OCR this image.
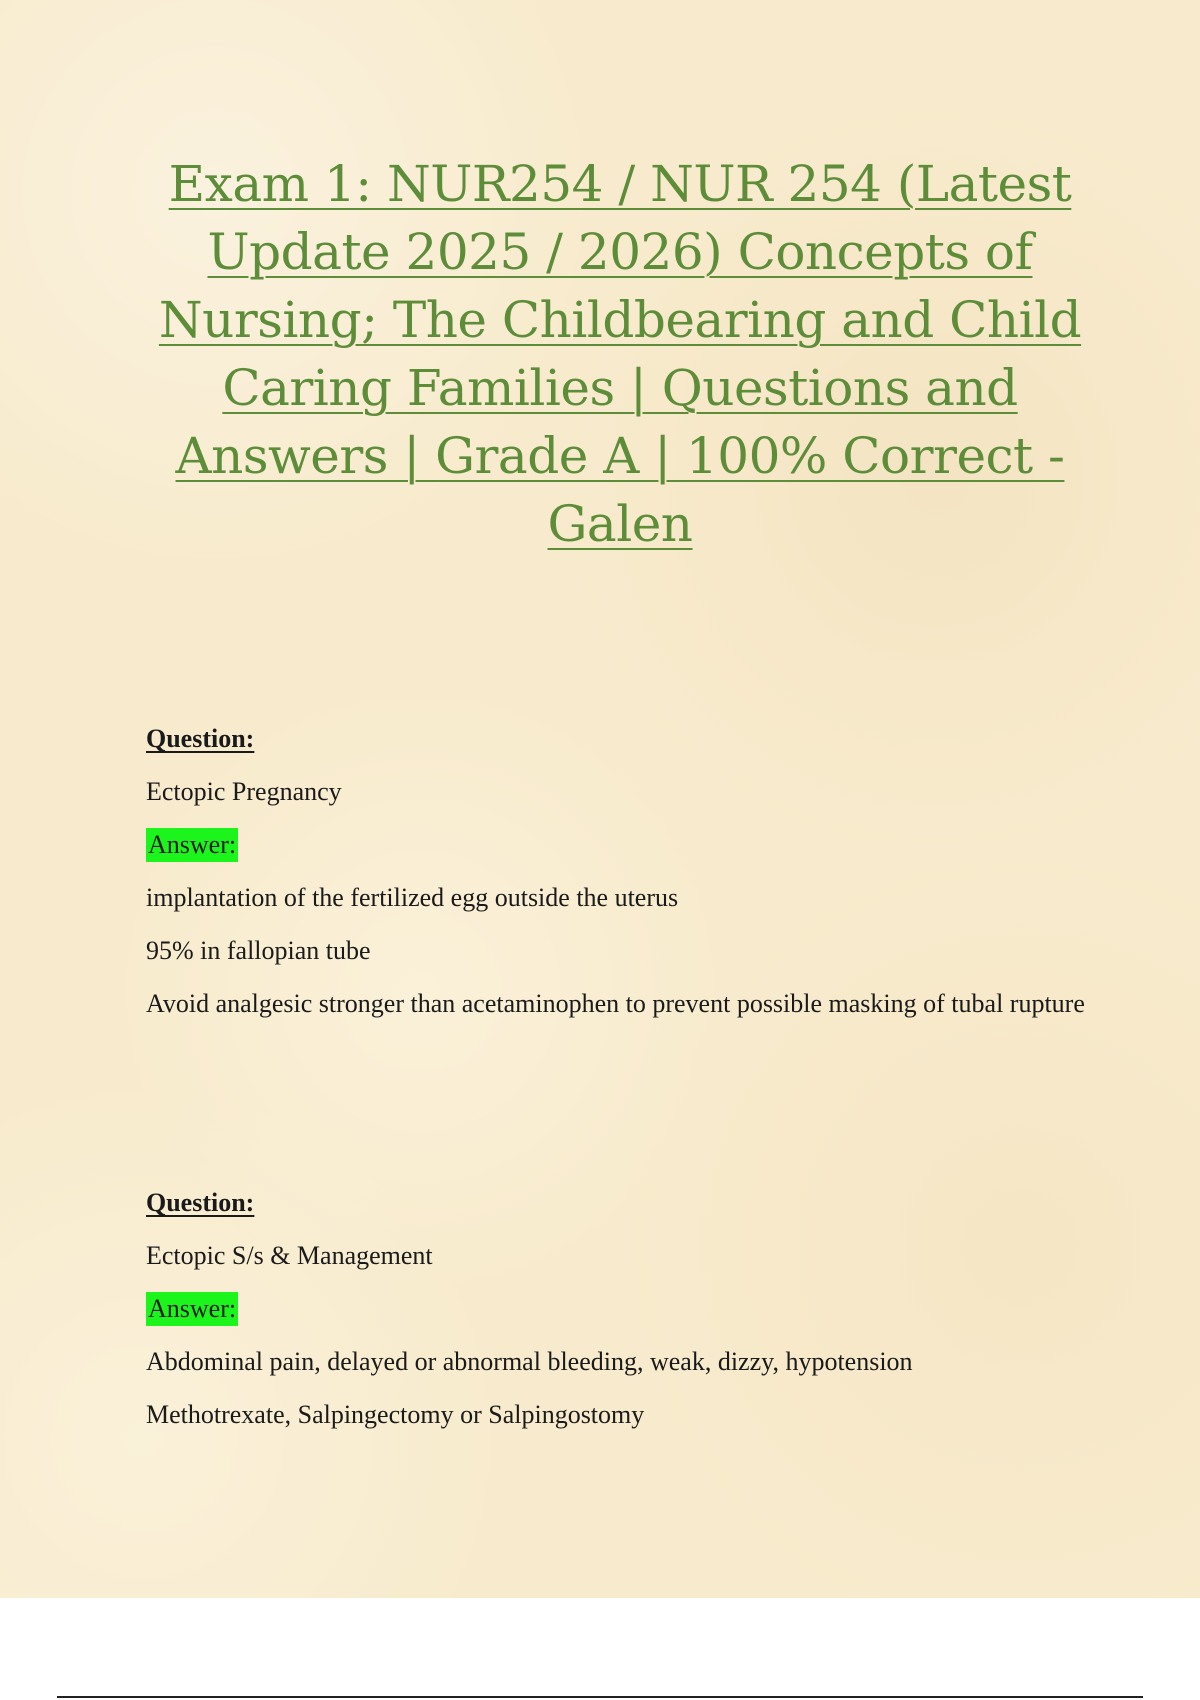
Exam 1: NUR254 / NUR 254 (Latest
Update 2025 / 2026) Concepts of
Nursing; The Childbearing and Child
Caring Families | Questions and
Answers | Grade A | 100% Correct -
Galen

Question:

Ectopic Pregnancy

Answer:

implantation of the fertilized egg outside the uterus

95% in fallopian tube

Avoid analgesic stronger than acetaminophen to prevent possible masking of tubal rupture

Question:

Ectopic S/s & Management

Answer:

Abdominal pain, delayed or abnormal bleeding, weak, dizzy, hypotension

Methotrexate, Salpingectomy or Salpingostomy
